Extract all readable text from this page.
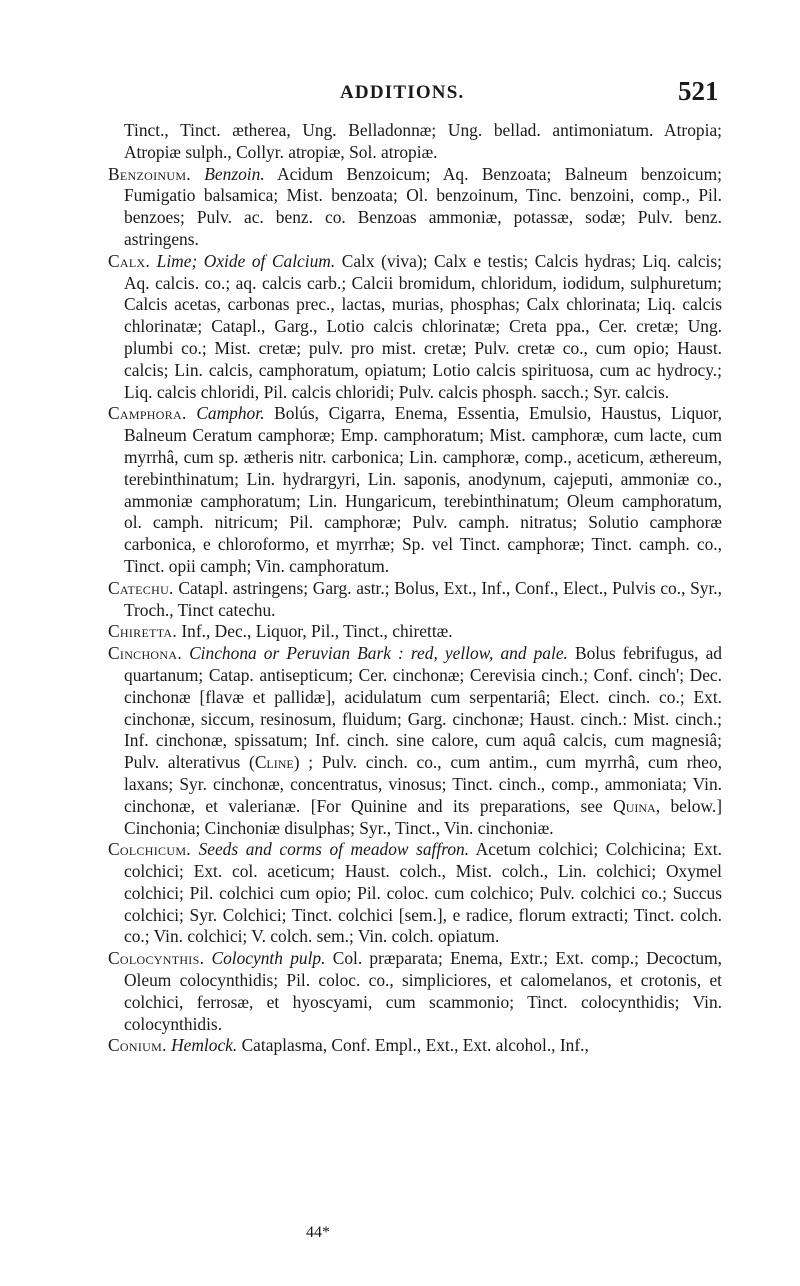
ADDITIONS.	521

Tinct., Tinct. ætherea, Ung. Belladonnæ; Ung. bellad. antimoniatum. Atropia; Atropiæ sulph., Collyr. atropiæ, Sol. atropiæ.

Benzoinum. Benzoin. Acidum Benzoicum; Aq. Benzoata; Balneum benzoicum; Fumigatio balsamica; Mist. benzoata; Ol. benzoinum, Tinc. benzoini, comp., Pil. benzoes; Pulv. ac. benz. co. Benzoas ammoniæ, potassæ, sodæ; Pulv. benz. astringens.

Calx. Lime; Oxide of Calcium. Calx (viva); Calx e testis; Calcis hydras; Liq. calcis; Aq. calcis. co.; aq. calcis carb.; Calcii bromidum, chloridum, iodidum, sulphuretum; Calcis acetas, carbonas prec., lactas, murias, phosphas; Calx chlorinata; Liq. calcis chlorinatæ; Catapl., Garg., Lotio calcis chlorinatæ; Creta ppa., Cer. cretæ; Ung. plumbi co.; Mist. cretæ; pulv. pro mist. cretæ; Pulv. cretæ co., cum opio; Haust. calcis; Lin. calcis, camphoratum, opiatum; Lotio calcis spirituosa, cum ac hydrocy.; Liq. calcis chloridi, Pil. calcis chloridi; Pulv. calcis phosph. sacch.; Syr. calcis.

Camphora. Camphor. Bolús, Cigarra, Enema, Essentia, Emulsio, Haustus, Liquor, Balneum Ceratum camphoræ; Emp. camphoratum; Mist. camphoræ, cum lacte, cum myrrhâ, cum sp. ætheris nitr. carbonica; Lin. camphoræ, comp., aceticum, æthereum, terebinthinatum; Lin. hydrargyri, Lin. saponis, anodynum, cajeputi, ammoniæ co., ammoniæ camphoratum; Lin. Hungaricum, terebinthinatum; Oleum camphoratum, ol. camph. nitricum; Pil. camphoræ; Pulv. camph. nitratus; Solutio camphoræ carbonica, e chloroformo, et myrrhæ; Sp. vel Tinct. camphoræ; Tinct. camph. co., Tinct. opii camph; Vin. camphoratum.

Catechu. Catapl. astringens; Garg. astr.; Bolus, Ext., Inf., Conf., Elect., Pulvis co., Syr., Troch., Tinct catechu.

Chiretta. Inf., Dec., Liquor, Pil., Tinct., chirettæ.

Cinchona. Cinchona or Peruvian Bark : red, yellow, and pale. Bolus febrifugus, ad quartanum; Catap. antisepticum; Cer. cinchonæ; Cerevisia cinch.; Conf. cinch'; Dec. cinchonæ [flavæ et pallidæ], acidulatum cum serpentariâ; Elect. cinch. co.; Ext. cinchonæ, siccum, resinosum, fluidum; Garg. cinchonæ; Haust. cinch.: Mist. cinch.; Inf. cinchonæ, spissatum; Inf. cinch. sine calore, cum aquâ calcis, cum magnesiâ; Pulv. alterativus (Cline) ; Pulv. cinch. co., cum antim., cum myrrhâ, cum rheo, laxans; Syr. cinchonæ, concentratus, vinosus; Tinct. cinch., comp., ammoniata; Vin. cinchonæ, et valerianæ. [For Quinine and its preparations, see Quina, below.] Cinchonia; Cinchoniæ disulphas; Syr., Tinct., Vin. cinchoniæ.

Colchicum. Seeds and corms of meadow saffron. Acetum colchici; Colchicina; Ext. colchici; Ext. col. aceticum; Haust. colch., Mist. colch., Lin. colchici; Oxymel colchici; Pil. colchici cum opio; Pil. coloc. cum colchico; Pulv. colchici co.; Succus colchici; Syr. Colchici; Tinct. colchici [sem.], e radice, florum extracti; Tinct. colch. co.; Vin. colchici; V. colch. sem.; Vin. colch. opiatum.

Colocynthis. Colocynth pulp. Col. præparata; Enema, Extr.; Ext. comp.; Decoctum, Oleum colocynthidis; Pil. coloc. co., simpliciores, et calomelanos, et crotonis, et colchici, ferrosæ, et hyoscyami, cum scammonio; Tinct. colocynthidis; Vin. colocynthidis.

Conium. Hemlock. Cataplasma, Conf. Empl., Ext., Ext. alcohol., Inf.,

44*
